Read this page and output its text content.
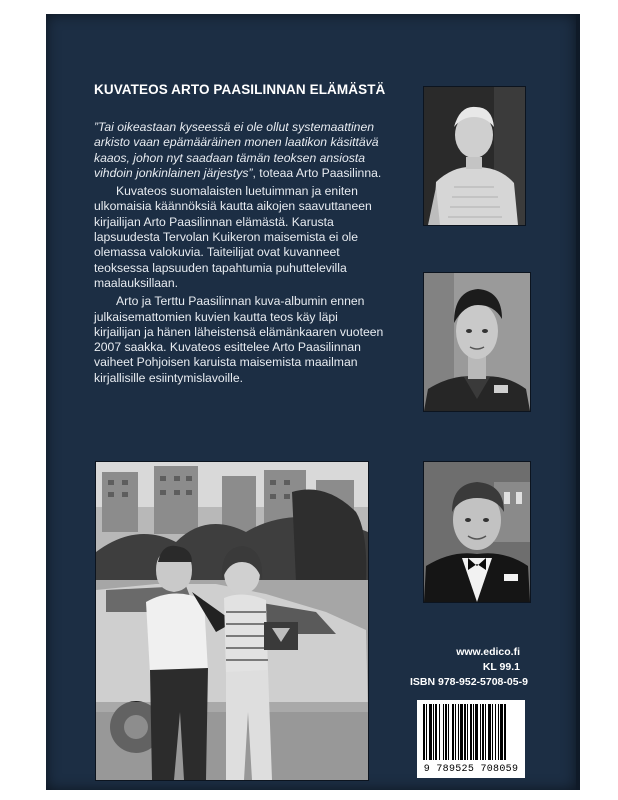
KUVATEOS ARTO PAASILINNAN ELÄMÄSTÄ

”Tai oikeastaan kyseessä ei ole ollut systemaattinen arkisto vaan epämääräinen monen laatikon käsittävä kaaos, johon nyt saadaan tämän teoksen ansiosta vihdoin jonkinlainen järjestys”, toteaa Arto Paasilinna.

Kuvateos suomalaisten luetuimman ja eniten ulkomaisia käännöksiä kautta aikojen saavuttaneen kirjailijan Arto Paasilinnan elämästä. Karusta lapsuudesta Tervolan Kuikeron maisemista ei ole olemassa valokuvia. Taiteilijat ovat kuvanneet teoksessa lapsuuden tapahtumia puhuttelevilla maalauksillaan.

Arto ja Terttu Paasilinnan kuva-albumin ennen julkaisemattomien kuvien kautta teos käy läpi kirjailijan ja hänen läheistensä elämänkaaren vuoteen 2007 saakka. Kuvateos esittelee Arto Paasilinnan vaiheet Pohjoisen karuista maisemista maailman kirjallisille esiintymislavoille.

www.edico.fi
KL 99.1
ISBN 978-952-5708-05-9
9 789525 708059
